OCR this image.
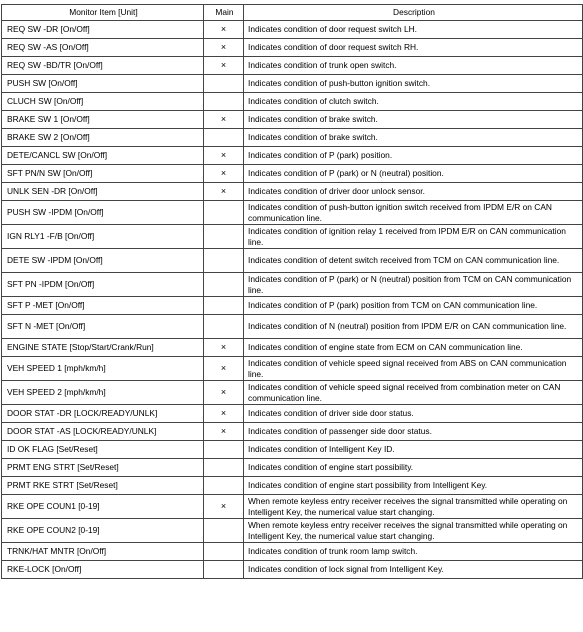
Monitor Item [Unit]	Main	Description
REQ SW -DR [On/Off]	×	Indicates condition of door request switch LH.
REQ SW -AS [On/Off]	×	Indicates condition of door request switch RH.
REQ SW -BD/TR [On/Off]	×	Indicates condition of trunk open switch.
PUSH SW [On/Off]		Indicates condition of push-button ignition switch.
CLUCH SW [On/Off]		Indicates condition of clutch switch.
BRAKE SW 1 [On/Off]	×	Indicates condition of brake switch.
BRAKE SW 2 [On/Off]		Indicates condition of brake switch.
DETE/CANCL SW [On/Off]	×	Indicates condition of P (park) position.
SFT PN/N SW [On/Off]	×	Indicates condition of P (park) or N (neutral) position.
UNLK SEN -DR [On/Off]	×	Indicates condition of driver door unlock sensor.
PUSH SW -IPDM [On/Off]		Indicates condition of push-button ignition switch received from IPDM E/R on CAN communication line.
IGN RLY1 -F/B [On/Off]		Indicates condition of ignition relay 1 received from IPDM E/R on CAN communication line.
DETE SW -IPDM [On/Off]		Indicates condition of detent switch received from TCM on CAN communication line.
SFT PN -IPDM [On/Off]		Indicates condition of P (park) or N (neutral) position from TCM on CAN communication line.
SFT P -MET [On/Off]		Indicates condition of P (park) position from TCM on CAN communication line.
SFT N -MET [On/Off]		Indicates condition of N (neutral) position from IPDM E/R on CAN communication line.
ENGINE STATE [Stop/Start/Crank/Run]	×	Indicates condition of engine state from ECM on CAN communication line.
VEH SPEED 1 [mph/km/h]	×	Indicates condition of vehicle speed signal received from ABS on CAN communication line.
VEH SPEED 2 [mph/km/h]	×	Indicates condition of vehicle speed signal received from combination meter on CAN communication line.
DOOR STAT -DR [LOCK/READY/UNLK]	×	Indicates condition of driver side door status.
DOOR STAT -AS [LOCK/READY/UNLK]	×	Indicates condition of passenger side door status.
ID OK FLAG [Set/Reset]		Indicates condition of Intelligent Key ID.
PRMT ENG STRT [Set/Reset]		Indicates condition of engine start possibility.
PRMT RKE STRT [Set/Reset]		Indicates condition of engine start possibility from Intelligent Key.
RKE OPE COUN1 [0-19]	×	When remote keyless entry receiver receives the signal transmitted while operating on Intelligent Key, the numerical value start changing.
RKE OPE COUN2 [0-19]		When remote keyless entry receiver receives the signal transmitted while operating on Intelligent Key, the numerical value start changing.
TRNK/HAT MNTR [On/Off]		Indicates condition of trunk room lamp switch.
RKE-LOCK [On/Off]		Indicates condition of lock signal from Intelligent Key.
